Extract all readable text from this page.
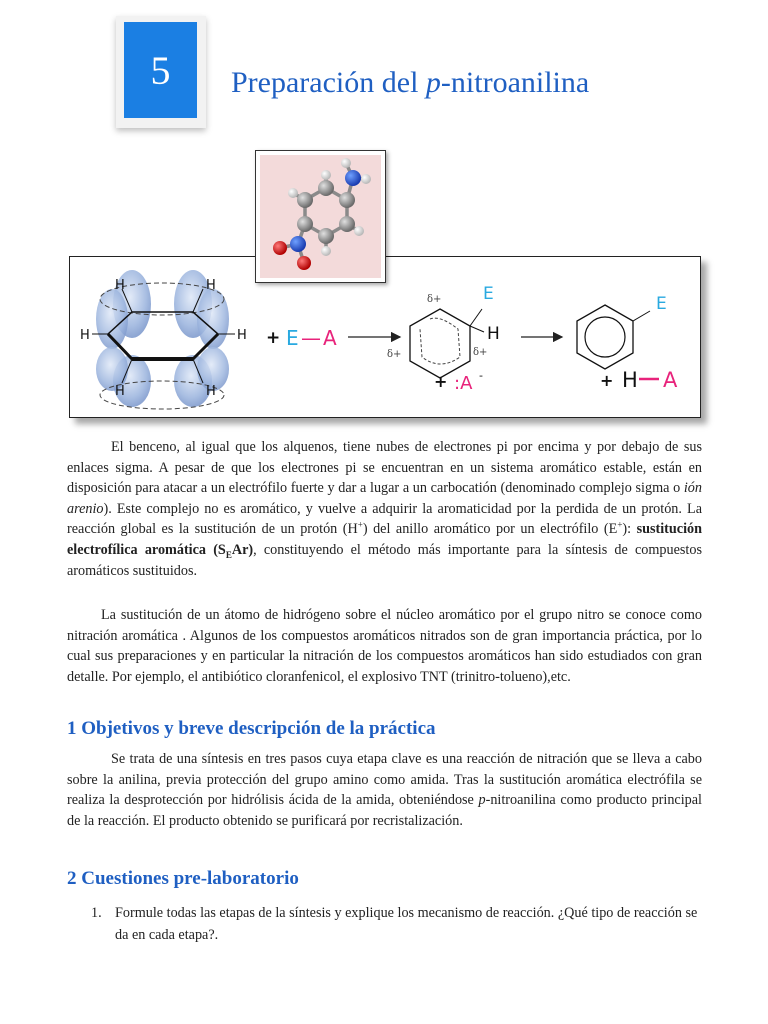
5 Preparación del p-nitroanilina
H	H
H	H
H	H
+ E — A
E
H
δ+
δ+	δ+
+ :A -
E
+ H A

El benceno, al igual que los alquenos, tiene nubes de electrones pi por encima y por debajo de sus enlaces sigma. A pesar de que los electrones pi se encuentran en un sistema aromático estable, están en disposición para atacar a un electrófilo fuerte y dar a lugar a un carbocatión (denominado complejo sigma o ión arenio). Este complejo no es aromático, y vuelve a adquirir la aromaticidad por la perdida de un protón. La reacción global es la sustitución de un protón (H+) del anillo aromático por un electrófilo (E+): sustitución electrofílica aromática $(S_EAr)$, constituyendo el método más importante para la síntesis de compuestos aromáticos sustituidos.

La sustitución de un átomo de hidrógeno sobre el núcleo aromático por el grupo nitro se conoce como nitración aromática . Algunos de los compuestos aromáticos nitrados son de gran importancia práctica, por lo cual sus preparaciones y en particular la nitración de los compuestos aromáticos han sido estudiados con gran detalle. Por ejemplo, el antibiótico cloranfenicol, el explosivo TNT (trinitro-tolueno),etc.

1 Objetivos y breve descripción de la práctica

Se trata de una síntesis en tres pasos cuya etapa clave es una reacción de nitración que se lleva a cabo sobre la anilina, previa protección del grupo amino como amida. Tras la sustitución aromática electrófila se realiza la desprotección por hidrólisis ácida de la amida, obteniéndose p-nitroanilina como producto principal de la reacción. El producto obtenido se purificará por recristalización.

2 Cuestiones pre-laboratorio
1. Formule todas las etapas de la síntesis y explique los mecanismo de reacción. ¿Qué tipo de reacción se da en cada etapa?.
